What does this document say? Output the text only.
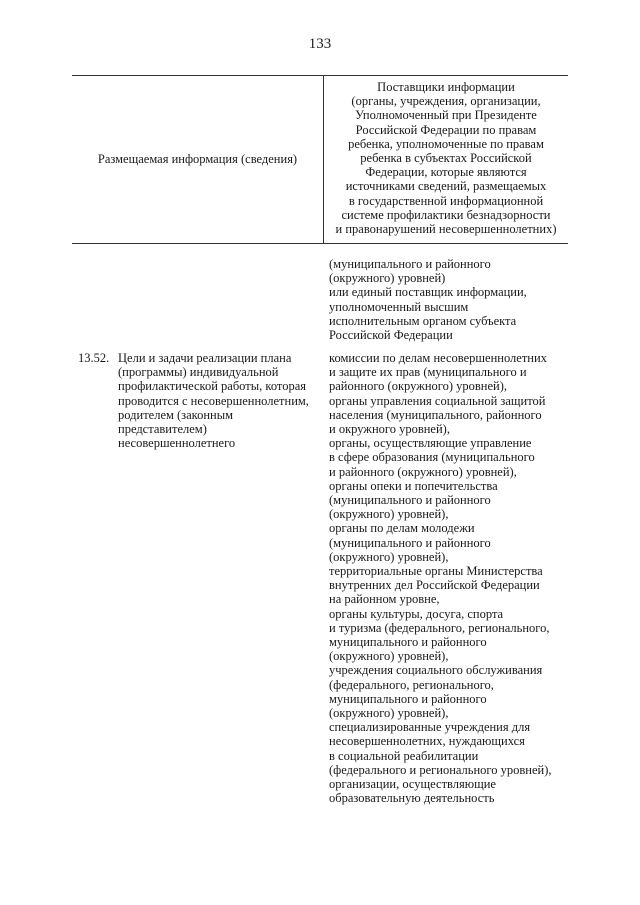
133
Размещаемая информация (сведения)
Поставщики информации
(органы, учреждения, организации,
Уполномоченный при Президенте
Российской Федерации по правам
ребенка, уполномоченные по правам
ребенка в субъектах Российской
Федерации, которые являются
источниками сведений, размещаемых
в государственной информационной
системе профилактики безнадзорности
и правонарушений несовершеннолетних)
(муниципального и районного
(окружного) уровней)
или единый поставщик информации,
уполномоченный высшим
исполнительным органом субъекта
Российской Федерации
13.52. Цели и задачи реализации плана
(программы) индивидуальной
профилактической работы, которая
проводится с несовершеннолетним,
родителем (законным
представителем)
несовершеннолетнего
комиссии по делам несовершеннолетних
и защите их прав (муниципального и
районного (окружного) уровней),
органы управления социальной защитой
населения (муниципального, районного
и окружного уровней),
органы, осуществляющие управление
в сфере образования (муниципального
и районного (окружного) уровней),
органы опеки и попечительства
(муниципального и районного
(окружного) уровней),
органы по делам молодежи
(муниципального и районного
(окружного) уровней),
территориальные органы Министерства
внутренних дел Российской Федерации
на районном уровне,
органы культуры, досуга, спорта
и туризма (федерального, регионального,
муниципального и районного
(окружного) уровней),
учреждения социального обслуживания
(федерального, регионального,
муниципального и районного
(окружного) уровней),
специализированные учреждения для
несовершеннолетних, нуждающихся
в социальной реабилитации
(федерального и регионального уровней),
организации, осуществляющие
образовательную деятельность
